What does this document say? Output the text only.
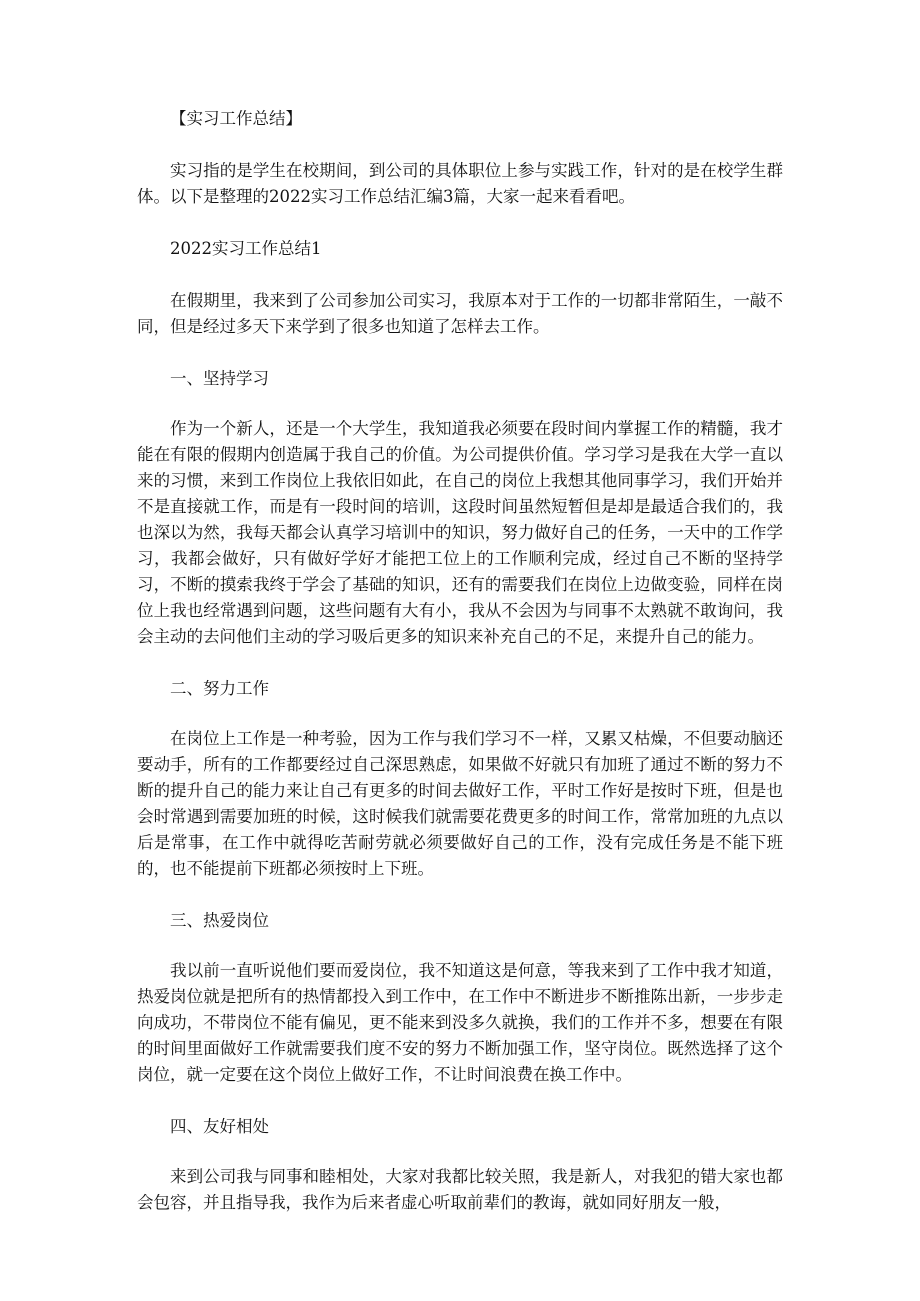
【实习工作总结】

实习指的是学生在校期间，到公司的具体职位上参与实践工作，针对的是在校学生群体。以下是整理的2022实习工作总结汇编3篇，大家一起来看看吧。

2022实习工作总结1

在假期里，我来到了公司参加公司实习，我原本对于工作的一切都非常陌生，一敲不同，但是经过多天下来学到了很多也知道了怎样去工作。

一、坚持学习

作为一个新人，还是一个大学生，我知道我必须要在段时间内掌握工作的精髓，我才能在有限的假期内创造属于我自己的价值。为公司提供价值。学习学习是我在大学一直以来的习惯，来到工作岗位上我依旧如此，在自己的岗位上我想其他同事学习，我们开始并不是直接就工作，而是有一段时间的培训，这段时间虽然短暂但是却是最适合我们的，我也深以为然，我每天都会认真学习培训中的知识，努力做好自己的任务，一天中的工作学习，我都会做好，只有做好学好才能把工位上的工作顺利完成，经过自己不断的坚持学习，不断的摸索我终于学会了基础的知识，还有的需要我们在岗位上边做变验，同样在岗位上我也经常遇到问题，这些问题有大有小，我从不会因为与同事不太熟就不敢询问，我会主动的去问他们主动的学习吸后更多的知识来补充自己的不足，来提升自己的能力。

二、努力工作

在岗位上工作是一种考验，因为工作与我们学习不一样，又累又枯燥，不但要动脑还要动手，所有的工作都要经过自己深思熟虑，如果做不好就只有加班了通过不断的努力不断的提升自己的能力来让自己有更多的时间去做好工作，平时工作好是按时下班，但是也会时常遇到需要加班的时候，这时候我们就需要花费更多的时间工作，常常加班的九点以后是常事，在工作中就得吃苦耐劳就必须要做好自己的工作，没有完成任务是不能下班的，也不能提前下班都必须按时上下班。

三、热爱岗位

我以前一直听说他们要而爱岗位，我不知道这是何意，等我来到了工作中我才知道，热爱岗位就是把所有的热情都投入到工作中，在工作中不断进步不断推陈出新，一步步走向成功，不带岗位不能有偏见，更不能来到没多久就换，我们的工作并不多，想要在有限的时间里面做好工作就需要我们度不安的努力不断加强工作，坚守岗位。既然选择了这个岗位，就一定要在这个岗位上做好工作，不让时间浪费在换工作中。

四、友好相处

来到公司我与同事和睦相处，大家对我都比较关照，我是新人，对我犯的错大家也都会包容，并且指导我，我作为后来者虚心听取前辈们的教诲，就如同好朋友一般，
